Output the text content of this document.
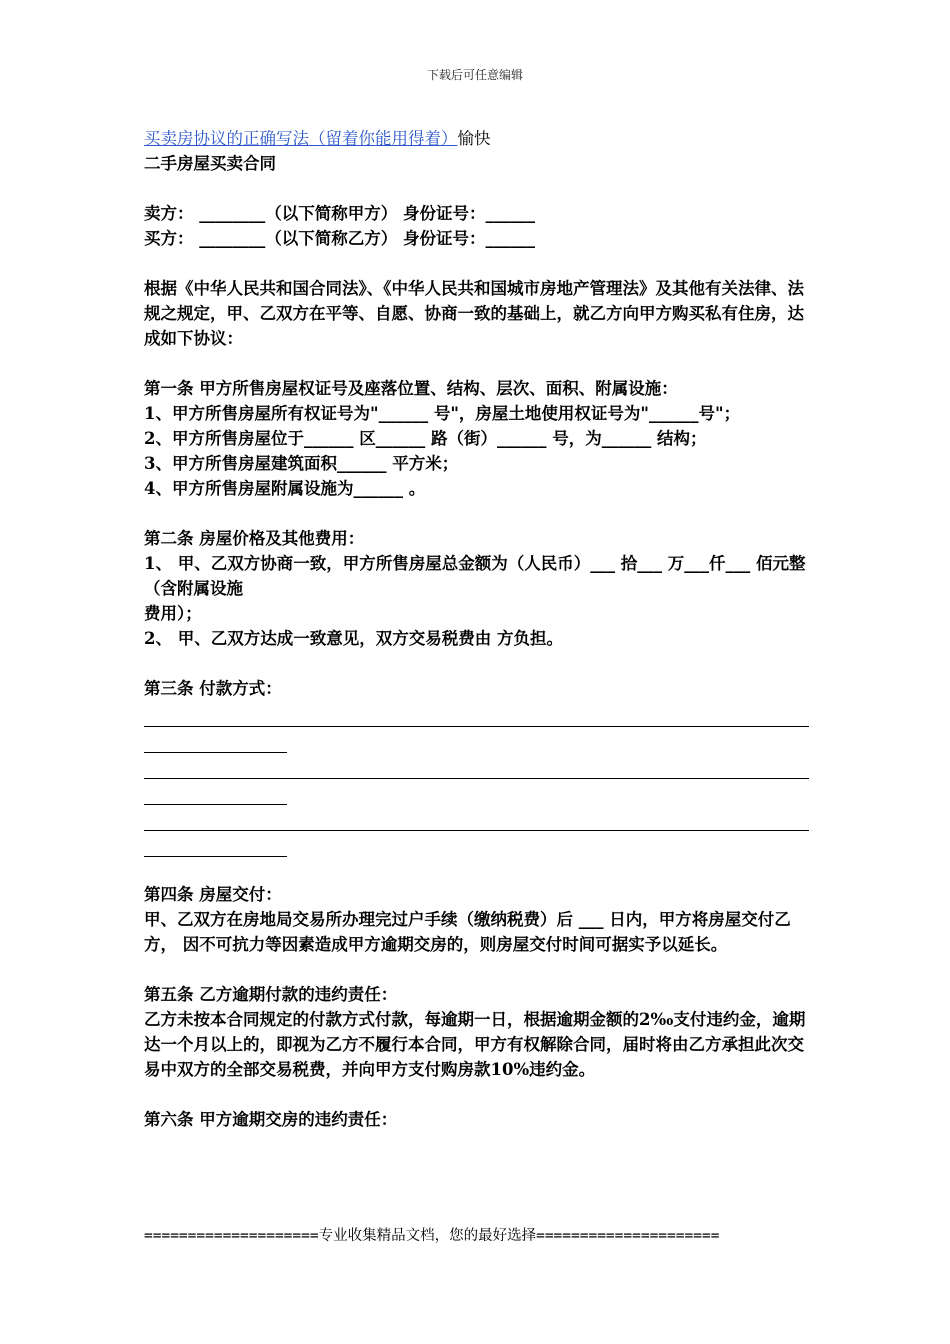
下载后可任意编辑

买卖房协议的正确写法（留着你能用得着）愉快

二手房屋买卖合同

卖方： ________（以下简称甲方） 身份证号：______

买方： ________（以下简称乙方） 身份证号：______

根据《中华人民共和国合同法》、《中华人民共和国城市房地产管理法》及其他有关法律、法规之规定，甲、乙双方在平等、自愿、协商一致的基础上，就乙方向甲方购买私有住房，达成如下协议：

第一条 甲方所售房屋权证号及座落位置、结构、层次、面积、附属设施：

1、甲方所售房屋所有权证号为"______ 号"，房屋土地使用权证号为"______号"；

2、甲方所售房屋位于______ 区______ 路（街）______ 号，为______ 结构；

3、甲方所售房屋建筑面积______ 平方米；

4、甲方所售房屋附属设施为______ 。

第二条 房屋价格及其他费用：

1、 甲、乙双方协商一致，甲方所售房屋总金额为（人民币）___ 拾___ 万___仟___ 佰元整（含附属设施

费用）；

2、 甲、乙双方达成一致意见，双方交易税费由 方负担。

第三条 付款方式：

第四条 房屋交付：

甲、乙双方在房地局交易所办理完过户手续（缴纳税费）后 ___ 日内，甲方将房屋交付乙方， 因不可抗力等因素造成甲方逾期交房的，则房屋交付时间可据实予以延长。

第五条 乙方逾期付款的违约责任：

乙方未按本合同规定的付款方式付款，每逾期一日，根据逾期金额的2‰支付违约金，逾期达一个月以上的，即视为乙方不履行本合同，甲方有权解除合同，届时将由乙方承担此次交易中双方的全部交易税费，并向甲方支付购房款10%违约金。

第六条 甲方逾期交房的违约责任：

====================专业收集精品文档，您的最好选择=====================
